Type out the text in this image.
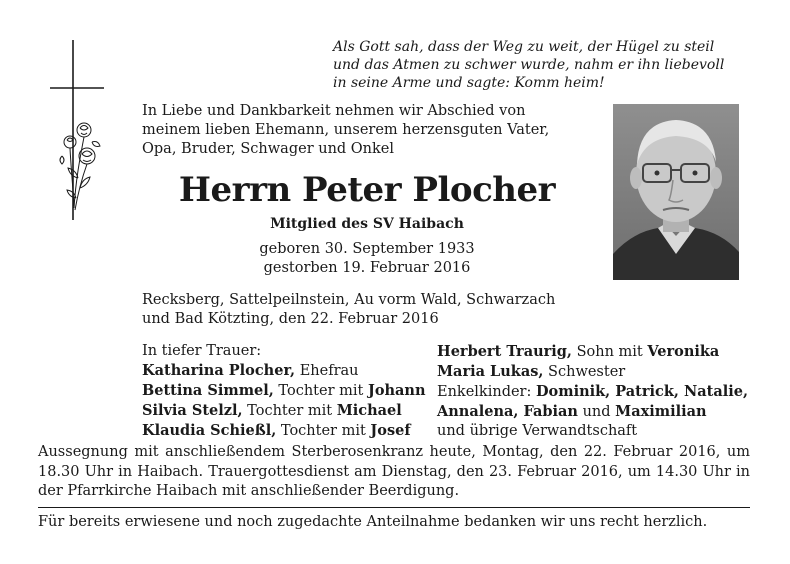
Als Gott sah, dass der Weg zu weit, der Hügel zu steil
und das Atmen zu schwer wurde, nahm er ihn liebevoll
in seine Arme und sagte: Komm heim!
In Liebe und Dankbarkeit nehmen wir Abschied von
meinem lieben Ehemann, unserem herzensguten Vater,
Opa, Bruder, Schwager und Onkel
Herrn Peter Plocher
Mitglied des SV Haibach
geboren 30. September 1933
gestorben 19. Februar 2016
Recksberg, Sattelpeilnstein, Au vorm Wald, Schwarzach
und Bad Kötzting, den 22. Februar 2016
In tiefer Trauer:
Katharina Plocher, Ehefrau
Bettina Simmel, Tochter mit Johann
Silvia Stelzl, Tochter mit Michael
Klaudia Schießl, Tochter mit Josef
Herbert Traurig, Sohn mit Veronika
Maria Lukas, Schwester
Enkelkinder: Dominik, Patrick, Natalie,
Annalena, Fabian und Maximilian
und übrige Verwandtschaft
Aussegnung mit anschließendem Sterberosenkranz heute, Montag, den 22. Februar 2016, um 18.30 Uhr in Haibach. Trauergottesdienst am Dienstag, den 23. Februar 2016, um 14.30 Uhr in der Pfarrkirche Haibach mit anschließender Beerdigung.
Für bereits erwiesene und noch zugedachte Anteilnahme bedanken wir uns recht herzlich.
